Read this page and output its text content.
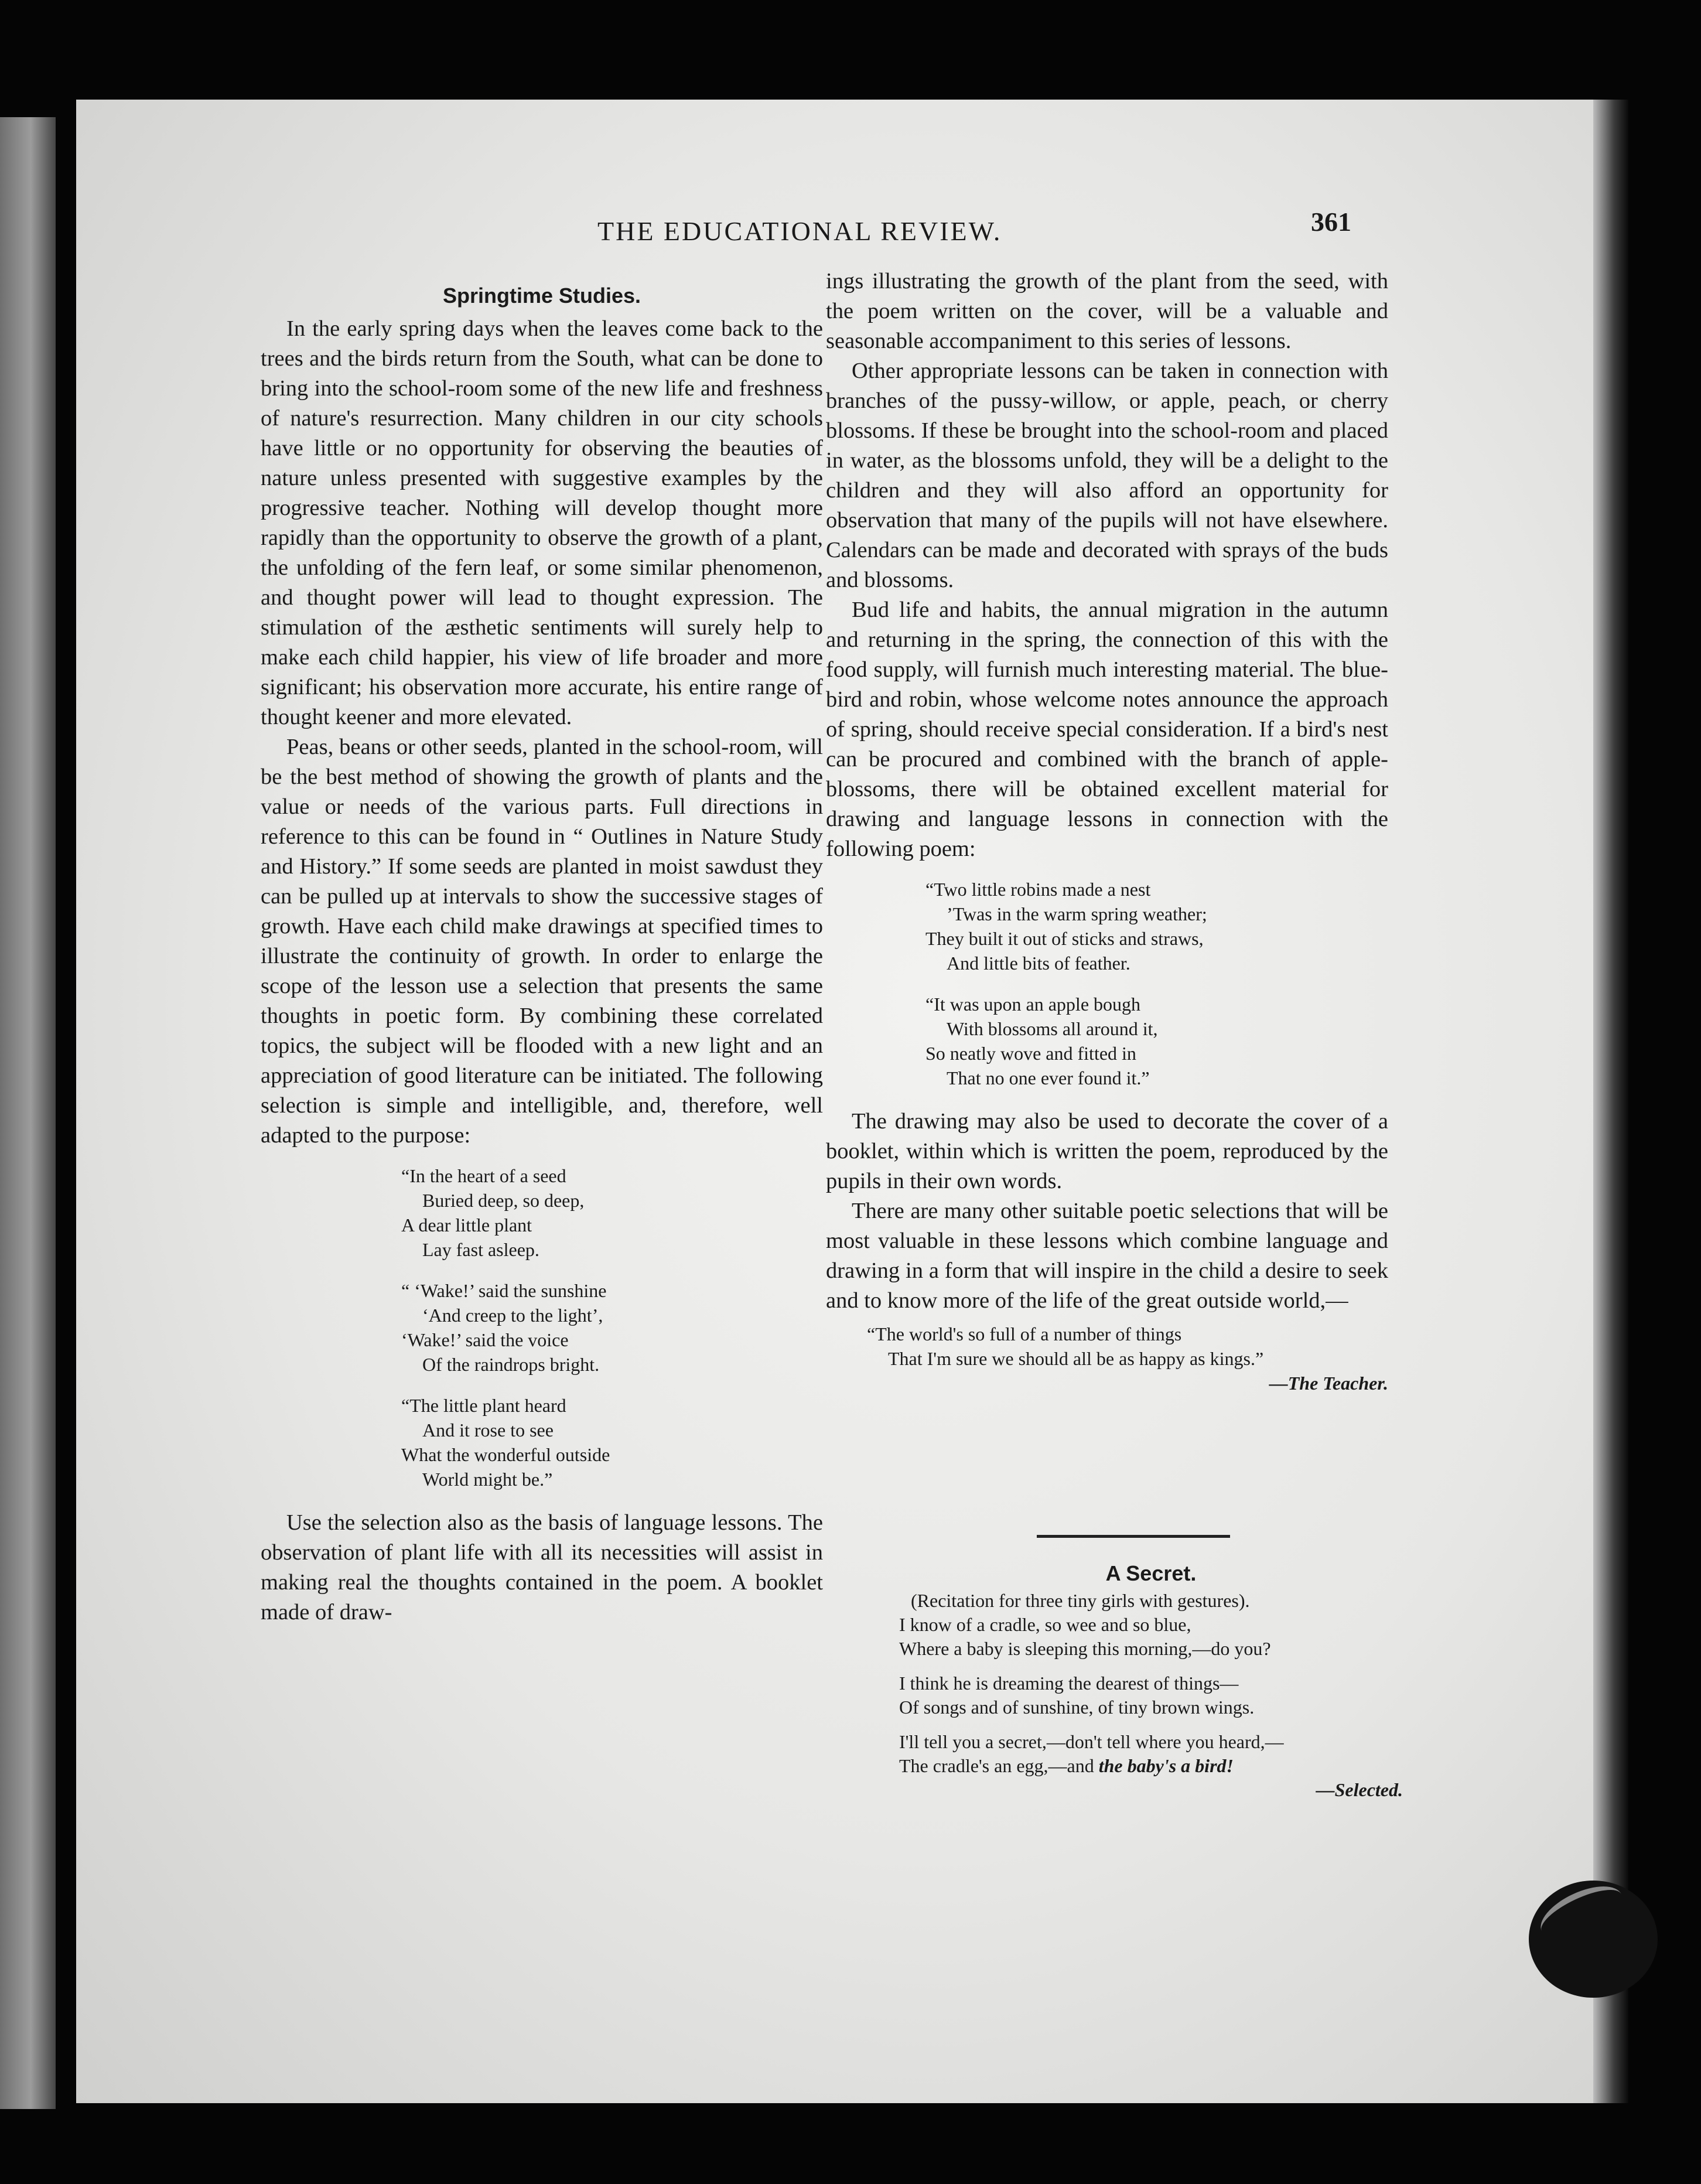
THE EDUCATIONAL REVIEW.	361
Springtime Studies.

In the early spring days when the leaves come back to the trees and the birds return from the South, what can be done to bring into the school-room some of the new life and freshness of nature's resurrection. Many children in our city schools have little or no opportunity for observing the beauties of nature unless presented with suggestive examples by the progressive teacher. Nothing will develop thought more rapidly than the opportunity to observe the growth of a plant, the unfolding of the fern leaf, or some similar phenomenon, and thought power will lead to thought expression. The stimulation of the æsthetic sentiments will surely help to make each child happier, his view of life broader and more significant; his observation more accurate, his entire range of thought keener and more elevated.

Peas, beans or other seeds, planted in the school-room, will be the best method of showing the growth of plants and the value or needs of the various parts. Full directions in reference to this can be found in “ Outlines in Nature Study and History.” If some seeds are planted in moist sawdust they can be pulled up at intervals to show the successive stages of growth. Have each child make drawings at specified times to illustrate the continuity of growth. In order to enlarge the scope of the lesson use a selection that presents the same thoughts in poetic form. By combining these correlated topics, the subject will be flooded with a new light and an appreciation of good literature can be initiated. The following selection is simple and intelligible, and, therefore, well adapted to the purpose:

“In the heart of a seed
Buried deep, so deep,
A dear little plant
Lay fast asleep.
“ ‘Wake!’ said the sunshine
‘And creep to the light’,
‘Wake!’ said the voice
Of the raindrops bright.
“The little plant heard
And it rose to see
What the wonderful outside
World might be.”

Use the selection also as the basis of language lessons. The observation of plant life with all its necessities will assist in making real the thoughts contained in the poem. A booklet made of draw-

ings illustrating the growth of the plant from the seed, with the poem written on the cover, will be a valuable and seasonable accompaniment to this series of lessons.

Other appropriate lessons can be taken in connection with branches of the pussy-willow, or apple, peach, or cherry blossoms. If these be brought into the school-room and placed in water, as the blossoms unfold, they will be a delight to the children and they will also afford an opportunity for observation that many of the pupils will not have elsewhere. Calendars can be made and decorated with sprays of the buds and blossoms.

Bud life and habits, the annual migration in the autumn and returning in the spring, the connection of this with the food supply, will furnish much interesting material. The blue-bird and robin, whose welcome notes announce the approach of spring, should receive special consideration. If a bird's nest can be procured and combined with the branch of apple-blossoms, there will be obtained excellent material for drawing and language lessons in connection with the following poem:

“Two little robins made a nest
’Twas in the warm spring weather;
They built it out of sticks and straws,
And little bits of feather.
“It was upon an apple bough
With blossoms all around it,
So neatly wove and fitted in
That no one ever found it.”

The drawing may also be used to decorate the cover of a booklet, within which is written the poem, reproduced by the pupils in their own words.

There are many other suitable poetic selections that will be most valuable in these lessons which combine language and drawing in a form that will inspire in the child a desire to seek and to know more of the life of the great outside world,—

“The world's so full of a number of things
That I'm sure we should all be as happy as kings.”
—The Teacher.
A Secret.
(Recitation for three tiny girls with gestures).
I know of a cradle, so wee and so blue,
Where a baby is sleeping this morning,—do you?
I think he is dreaming the dearest of things—
Of songs and of sunshine, of tiny brown wings.
I'll tell you a secret,—don't tell where you heard,—
The cradle's an egg,—and the baby's a bird!
—Selected.
